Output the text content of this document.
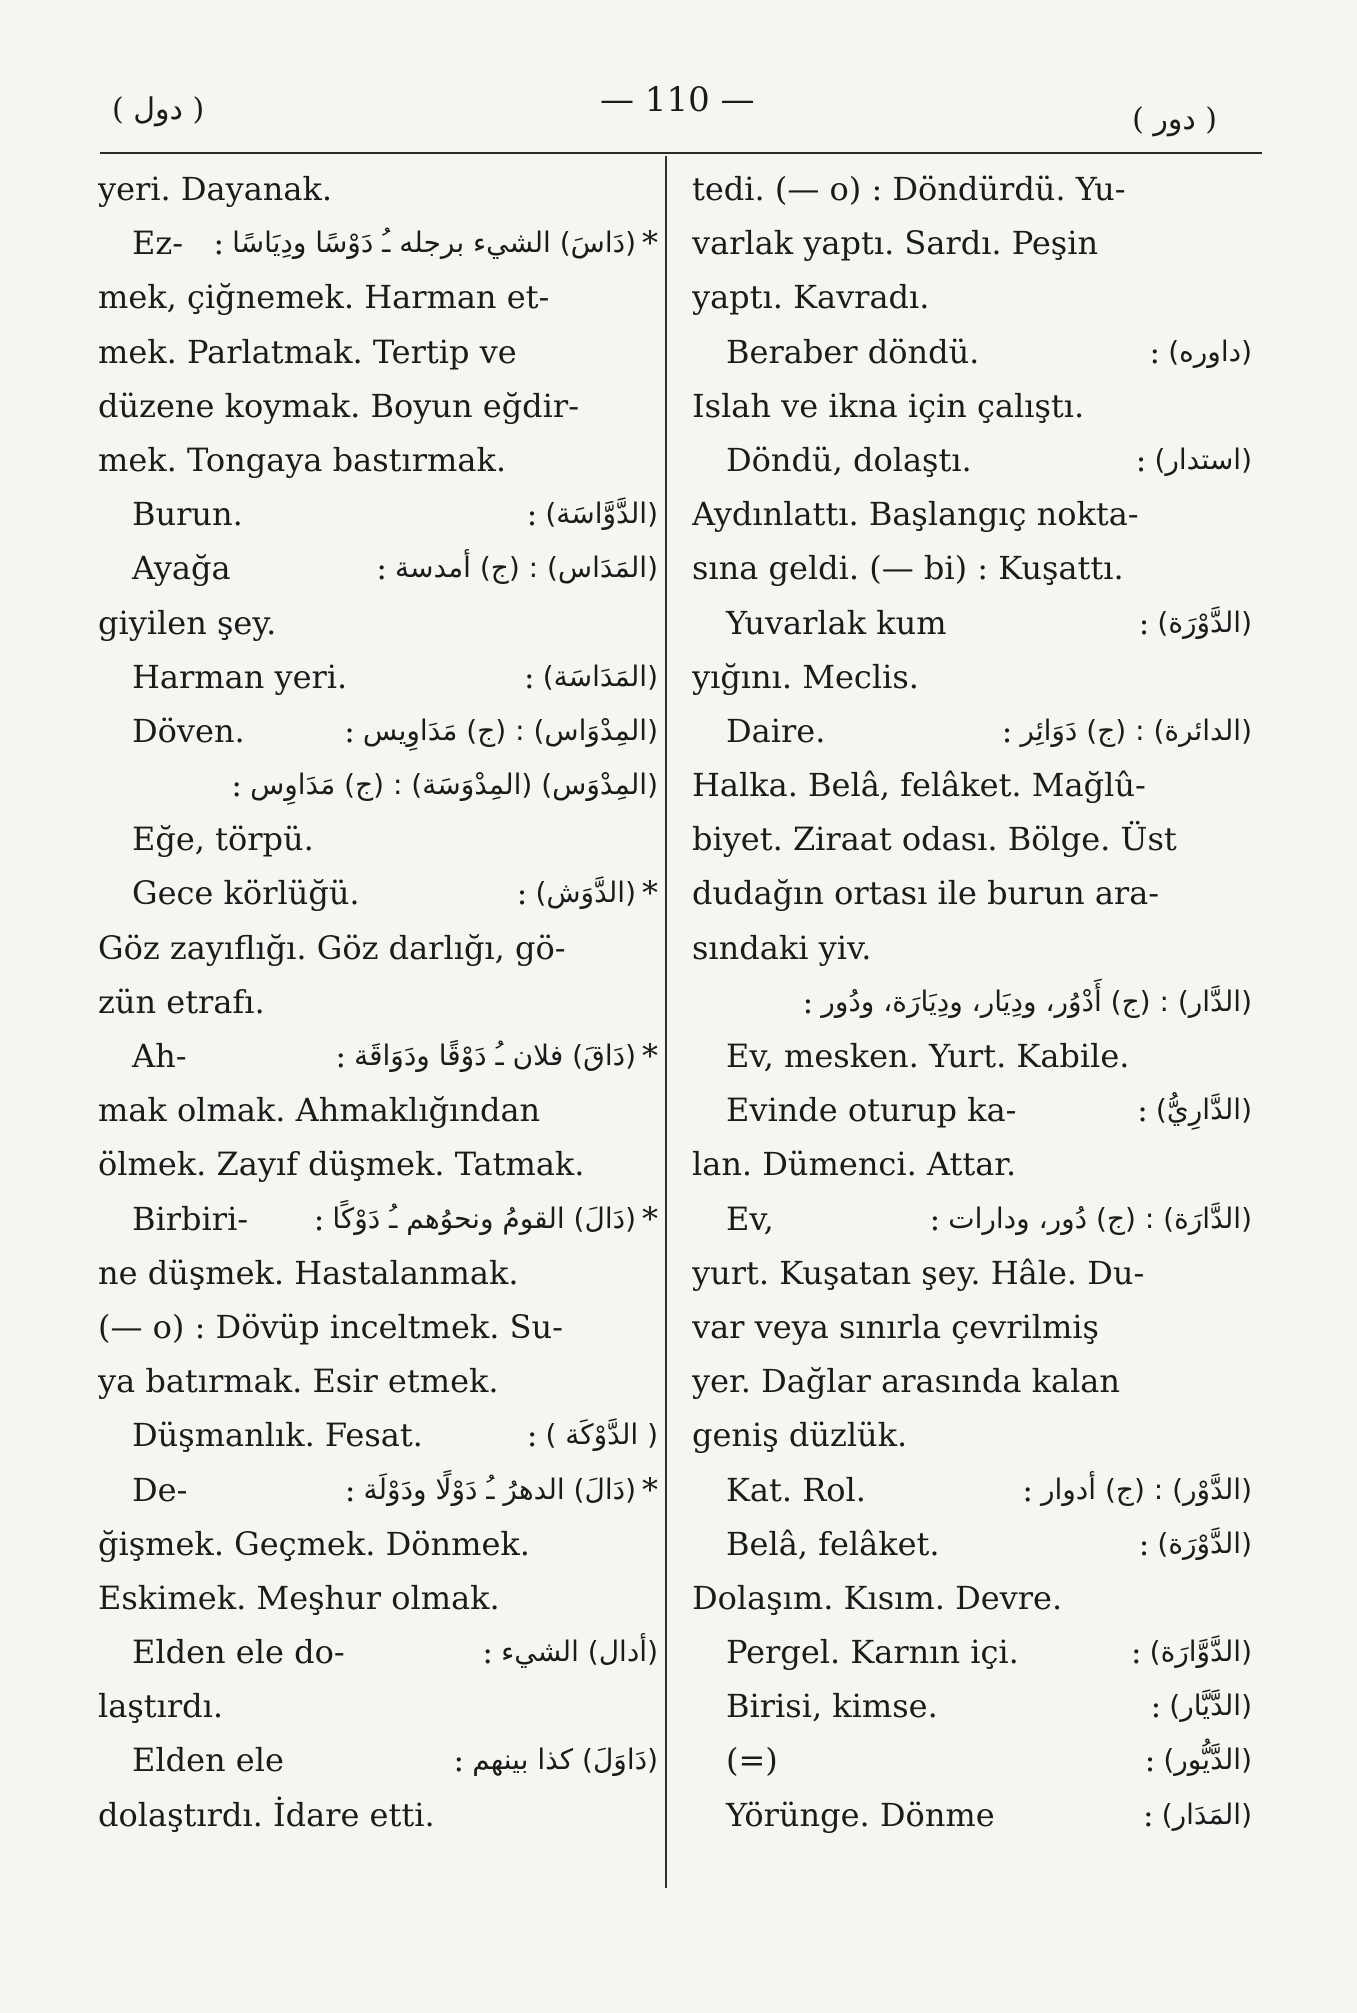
( دول )	— 110 —	( دور )
yeri. Dayanak.
Ez- : (دَاسَ) الشيء برجله ـُ دَوْسًا ودِيَاسًا *
mek, çiğnemek. Harman et-
mek. Parlatmak. Tertip ve
düzene koymak. Boyun eğdir-
mek. Tongaya bastırmak.
Burun.	: (الدَّوَّاسَة)
Ayağa	: (المَدَاس) : (ج) أمدسة
giyilen şey.
Harman yeri.	: (المَدَاسَة)
Döven.	: (المِدْوَاس) : (ج) مَدَاوِيس
: (المِدْوَس) (المِدْوَسَة) : (ج) مَدَاوِس
Eğe, törpü.
Gece körlüğü.	: (الدَّوَش) *
Göz zayıflığı. Göz darlığı, gö-
zün etrafı.
Ah-	: (دَاقَ) فلان ـُ دَوْقًا ودَوَاقَة *
mak olmak. Ahmaklığından
ölmek. Zayıf düşmek. Tatmak.
Birbiri- : (دَالَ) القومُ ونحوُهم ـُ دَوْكًا *
ne düşmek. Hastalanmak.
(— o) : Dövüp inceltmek. Su-
ya batırmak. Esir etmek.
Düşmanlık. Fesat.	: ( الدَّوْكَة )
De-	: (دَالَ) الدهرُ ـُ دَوْلًا ودَوْلَة *
ğişmek. Geçmek. Dönmek.
Eskimek. Meşhur olmak.
Elden ele do-	: (أدال) الشيء
laştırdı.
Elden ele	: (دَاوَلَ) كذا بينهم
dolaştırdı. İdare etti.
tedi. (— o) : Döndürdü. Yu-
varlak yaptı. Sardı. Peşin
yaptı. Kavradı.
Beraber döndü.	: (داوره)
Islah ve ikna için çalıştı.
Döndü, dolaştı.	: (استدار)
Aydınlattı. Başlangıç nokta-
sına geldi. (— bi) : Kuşattı.
Yuvarlak kum	: (الدَّوْرَة)
yığını. Meclis.
Daire.	: (الدائرة) : (ج) دَوَائِر
Halka. Belâ, felâket. Mağlû-
biyet. Ziraat odası. Bölge. Üst
dudağın ortası ile burun ara-
sındaki yiv.
: (الدَّار) : (ج) أَدْوُر، ودِيَار، ودِيَارَة، ودُور
Ev, mesken. Yurt. Kabile.
Evinde oturup ka-	: (الدَّارِيُّ)
lan. Dümenci. Attar.
Ev,	: (الدَّارَة) : (ج) دُور، ودارات
yurt. Kuşatan şey. Hâle. Du-
var veya sınırla çevrilmiş
yer. Dağlar arasında kalan
geniş düzlük.
Kat. Rol.	: (الدَّوْر) : (ج) أدوار
Belâ, felâket.	: (الدَّوْرَة)
Dolaşım. Kısım. Devre.
Pergel. Karnın içi.	: (الدَّوَّارَة)
Birisi, kimse.	: (الدَّيَّار)
(=)	: (الدَّيُّور)
Yörünge. Dönme	: (المَدَار)
